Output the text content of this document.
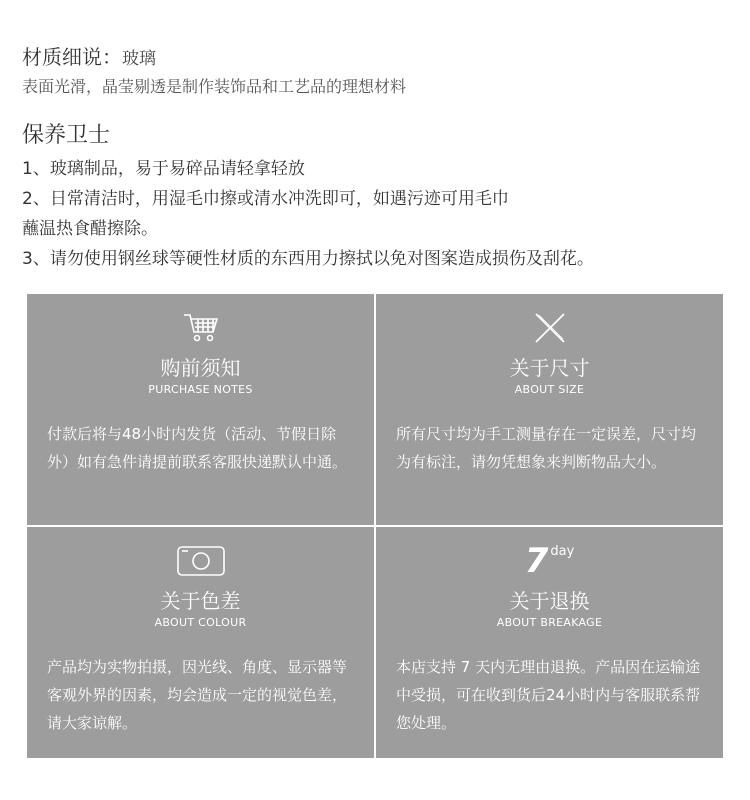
材质细说：玻璃
表面光滑，晶莹剔透是制作装饰品和工艺品的理想材料
保养卫士
1、玻璃制品，易于易碎品请轻拿轻放
2、日常清洁时，用湿毛巾擦或清水冲洗即可，如遇污迹可用毛巾
蘸温热食醋擦除。
3、请勿使用钢丝球等硬性材质的东西用力擦拭以免对图案造成损伤及刮花。
购前须知
PURCHASE NOTES
付款后将与48小时内发货（活动、节假日除外）如有急件请提前联系客服快递默认中通。
关于尺寸
ABOUT SIZE
所有尺寸均为手工测量存在一定误差，尺寸均为有标注，请勿凭想象来判断物品大小。
关于色差
ABOUT COLOUR
产品均为实物拍摄，因光线、角度、显示器等客观外界的因素，均会造成一定的视觉色差，请大家谅解。
7 day
关于退换
ABOUT BREAKAGE
本店支持 7 天内无理由退换。产品因在运输途中受损，可在收到货后24小时内与客服联系帮您处理。
